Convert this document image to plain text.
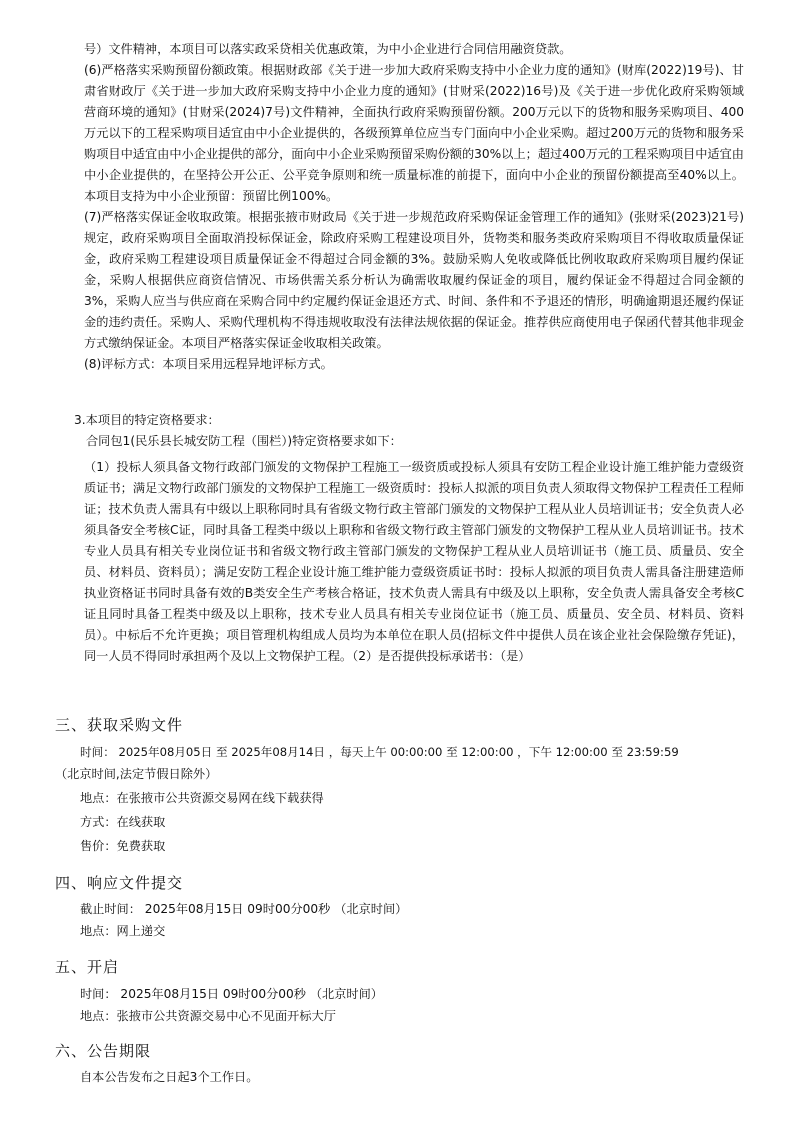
号）文件精神，本项目可以落实政采贷相关优惠政策，为中小企业进行合同信用融资贷款。

(6)严格落实采购预留份额政策。根据财政部《关于进一步加大政府采购支持中小企业力度的通知》(财库(2022)19号)、甘肃省财政厅《关于进一步加大政府采购支持中小企业力度的通知》(甘财采(2022)16号)及《关于进一步优化政府采购领域营商环境的通知》(甘财采(2024)7号)文件精神，全面执行政府采购预留份额。200万元以下的货物和服务采购项目、400万元以下的工程采购项目适宜由中小企业提供的，各级预算单位应当专门面向中小企业采购。超过200万元的货物和服务采购项目中适宜由中小企业提供的部分，面向中小企业采购预留采购份额的30%以上；超过400万元的工程采购项目中适宜由中小企业提供的，在坚持公开公正、公平竞争原则和统一质量标准的前提下，面向中小企业的预留份额提高至40%以上。本项目支持为中小企业预留：预留比例100%。

(7)严格落实保证金收取政策。根据张掖市财政局《关于进一步规范政府采购保证金管理工作的通知》(张财采(2023)21号)规定，政府采购项目全面取消投标保证金，除政府采购工程建设项目外，货物类和服务类政府采购项目不得收取质量保证金，政府采购工程建设项目质量保证金不得超过合同金额的3%。鼓励采购人免收或降低比例收取政府采购项目履约保证金，采购人根据供应商资信情况、市场供需关系分析认为确需收取履约保证金的项目，履约保证金不得超过合同金额的3%，采购人应当与供应商在采购合同中约定履约保证金退还方式、时间、条件和不予退还的情形，明确逾期退还履约保证金的违约责任。采购人、采购代理机构不得违规收取没有法律法规依据的保证金。推荐供应商使用电子保函代替其他非现金方式缴纳保证金。本项目严格落实保证金收取相关政策。

(8)评标方式：本项目采用远程异地评标方式。

3.本项目的特定资格要求：
合同包1(民乐县长城安防工程（围栏）)特定资格要求如下：

（1）投标人须具备文物行政部门颁发的文物保护工程施工一级资质或投标人须具有安防工程企业设计施工维护能力壹级资质证书；满足文物行政部门颁发的文物保护工程施工一级资质时：投标人拟派的项目负责人须取得文物保护工程责任工程师证；技术负责人需具有中级以上职称同时具有省级文物行政主管部门颁发的文物保护工程从业人员培训证书；安全负责人必须具备安全考核C证，同时具备工程类中级以上职称和省级文物行政主管部门颁发的文物保护工程从业人员培训证书。技术专业人员具有相关专业岗位证书和省级文物行政主管部门颁发的文物保护工程从业人员培训证书（施工员、质量员、安全员、材料员、资料员）；满足安防工程企业设计施工维护能力壹级资质证书时：投标人拟派的项目负责人需具备注册建造师执业资格证书同时具备有效的B类安全生产考核合格证，技术负责人需具有中级及以上职称，安全负责人需具备安全考核C证且同时具备工程类中级及以上职称，技术专业人员具有相关专业岗位证书（施工员、质量员、安全员、材料员、资料员）。中标后不允许更换；项目管理机构组成人员均为本单位在职人员(招标文件中提供人员在该企业社会保险缴存凭证)，同一人员不得同时承担两个及以上文物保护工程。（2）是否提供投标承诺书：（是）

三、获取采购文件
时间： 2025年08月05日 至 2025年08月14日 ，每天上午 00:00:00 至 12:00:00 ，下午 12:00:00 至 23:59:59
（北京时间,法定节假日除外）
地点：在张掖市公共资源交易网在线下载获得
方式：在线获取
售价：免费获取
四、响应文件提交
截止时间： 2025年08月15日 09时00分00秒 （北京时间）
地点：网上递交
五、开启
时间： 2025年08月15日 09时00分00秒 （北京时间）
地点：张掖市公共资源交易中心不见面开标大厅
六、公告期限
自本公告发布之日起3个工作日。
